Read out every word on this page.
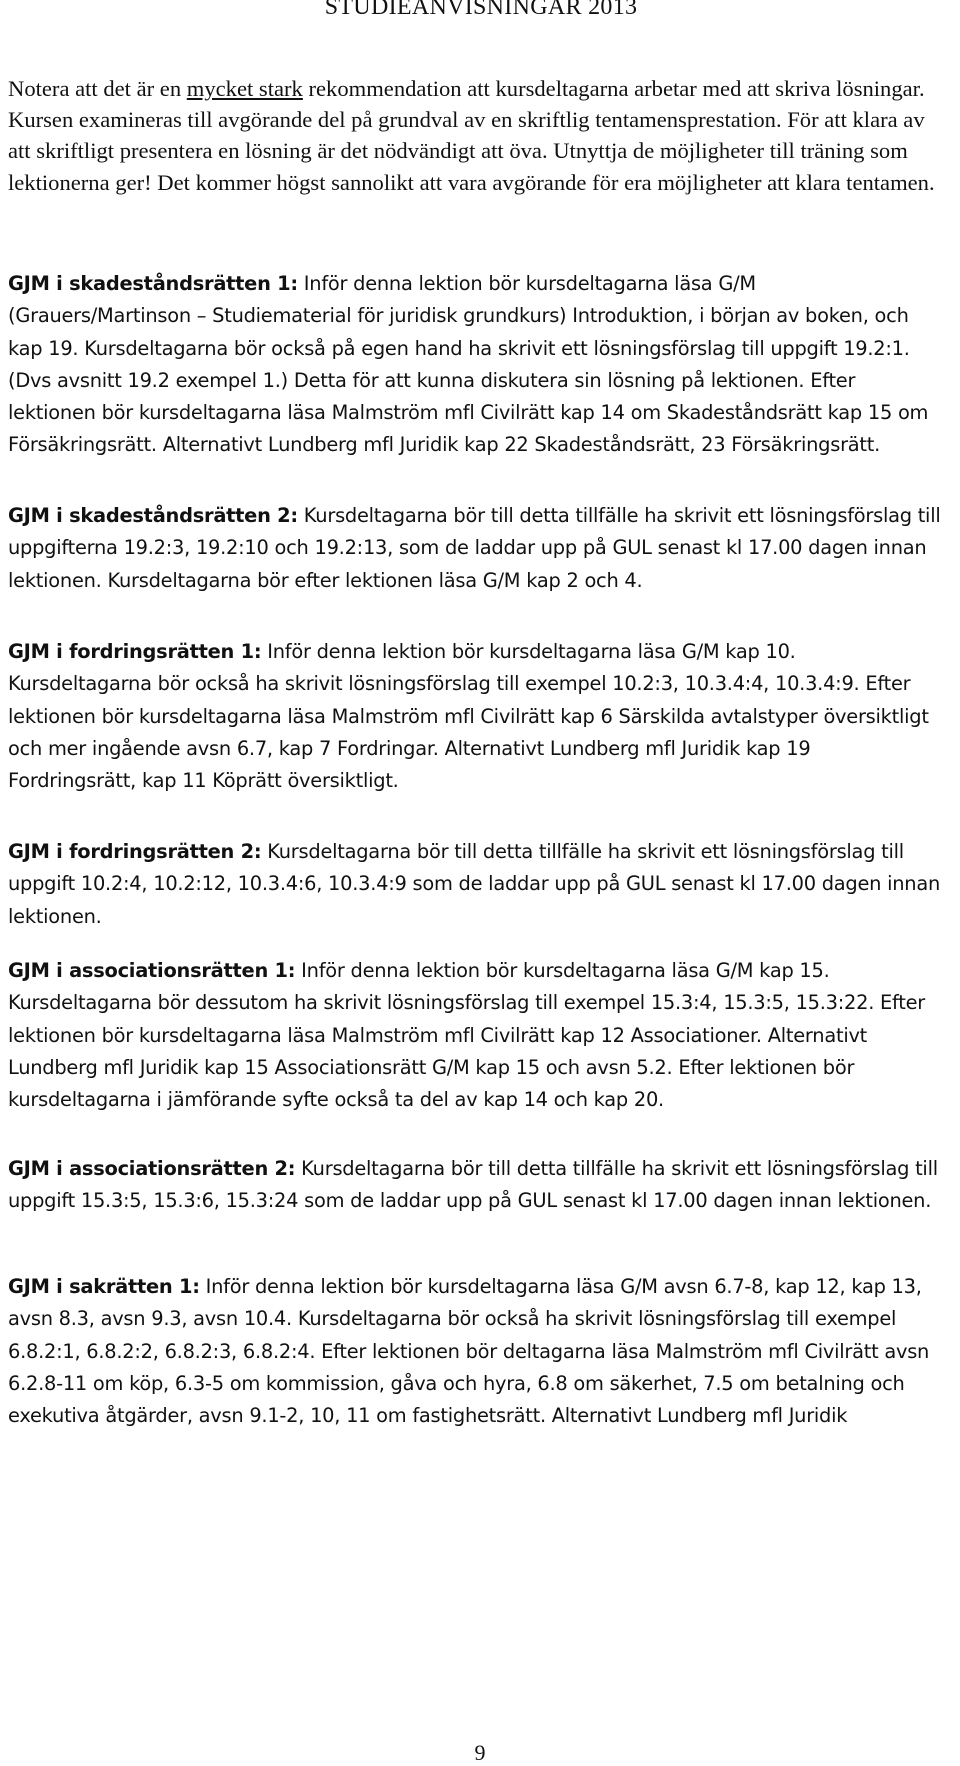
STUDIEANVISNINGAR 2013

Notera att det är en mycket stark rekommendation att kursdeltagarna arbetar med att skriva lösningar. Kursen examineras till avgörande del på grundval av en skriftlig tentamensprestation. För att klara av att skriftligt presentera en lösning är det nödvändigt att öva. Utnyttja de möjligheter till träning som lektionerna ger! Det kommer högst sannolikt att vara avgörande för era möjligheter att klara tentamen.

GJM i skadeståndsrätten 1: Inför denna lektion bör kursdeltagarna läsa G/M (Grauers/Martinson – Studiematerial för juridisk grundkurs) Introduktion, i början av boken, och kap 19. Kursdeltagarna bör också på egen hand ha skrivit ett lösningsförslag till uppgift 19.2:1. (Dvs avsnitt 19.2 exempel 1.) Detta för att kunna diskutera sin lösning på lektionen. Efter lektionen bör kursdeltagarna läsa Malmström mfl Civilrätt kap 14 om Skadeståndsrätt kap 15 om Försäkringsrätt. Alternativt Lundberg mfl Juridik kap 22 Skadeståndsrätt, 23 Försäkringsrätt.

GJM i skadeståndsrätten 2: Kursdeltagarna bör till detta tillfälle ha skrivit ett lösningsförslag till uppgifterna 19.2:3, 19.2:10 och 19.2:13, som de laddar upp på GUL senast kl 17.00 dagen innan lektionen. Kursdeltagarna bör efter lektionen läsa G/M kap 2 och 4.

GJM i fordringsrätten 1: Inför denna lektion bör kursdeltagarna läsa G/M kap 10. Kursdeltagarna bör också ha skrivit lösningsförslag till exempel 10.2:3, 10.3.4:4, 10.3.4:9. Efter lektionen bör kursdeltagarna läsa Malmström mfl Civilrätt kap 6 Särskilda avtalstyper översiktligt och mer ingående avsn 6.7, kap 7 Fordringar. Alternativt Lundberg mfl Juridik kap 19 Fordringsrätt, kap 11 Köprätt översiktligt.

GJM i fordringsrätten 2: Kursdeltagarna bör till detta tillfälle ha skrivit ett lösningsförslag till uppgift 10.2:4, 10.2:12, 10.3.4:6, 10.3.4:9 som de laddar upp på GUL senast kl 17.00 dagen innan lektionen.

GJM i associationsrätten 1: Inför denna lektion bör kursdeltagarna läsa G/M kap 15. Kursdeltagarna bör dessutom ha skrivit lösningsförslag till exempel 15.3:4, 15.3:5, 15.3:22. Efter lektionen bör kursdeltagarna läsa Malmström mfl Civilrätt kap 12 Associationer. Alternativt Lundberg mfl Juridik kap 15 Associationsrätt G/M kap 15 och avsn 5.2. Efter lektionen bör kursdeltagarna i jämförande syfte också ta del av kap 14 och kap 20.

GJM i associationsrätten 2: Kursdeltagarna bör till detta tillfälle ha skrivit ett lösningsförslag till uppgift 15.3:5, 15.3:6, 15.3:24 som de laddar upp på GUL senast kl 17.00 dagen innan lektionen.

GJM i sakrätten 1: Inför denna lektion bör kursdeltagarna läsa G/M avsn 6.7-8, kap 12, kap 13, avsn 8.3, avsn 9.3, avsn 10.4. Kursdeltagarna bör också ha skrivit lösningsförslag till exempel 6.8.2:1, 6.8.2:2, 6.8.2:3, 6.8.2:4. Efter lektionen bör deltagarna läsa Malmström mfl Civilrätt avsn 6.2.8-11 om köp, 6.3-5 om kommission, gåva och hyra, 6.8 om säkerhet, 7.5 om betalning och exekutiva åtgärder, avsn 9.1-2, 10, 11 om fastighetsrätt. Alternativt Lundberg mfl Juridik

9
